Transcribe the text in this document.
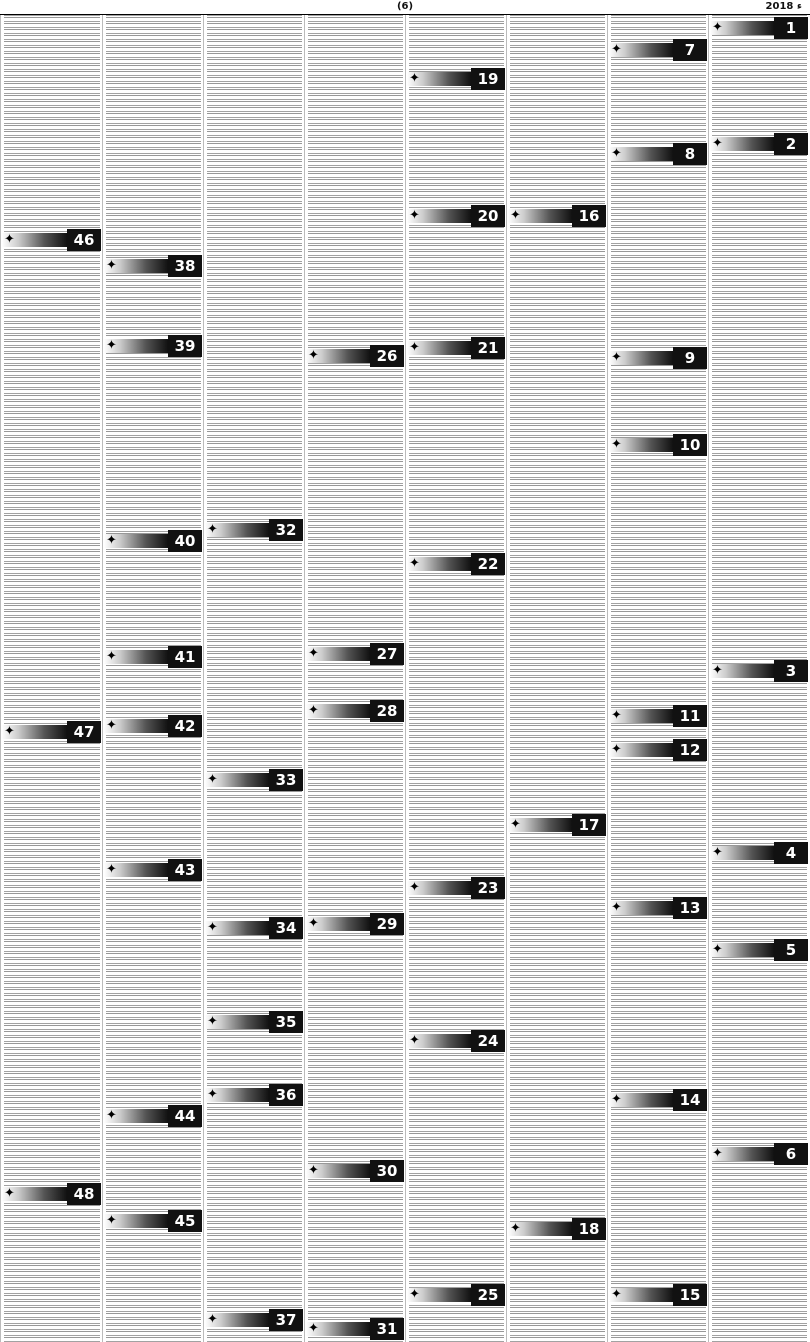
(6)	2018 ء
1
✦
2
✦
3
✦
4
✦
5
✦
6
✦
7
✦
8
✦
9
✦
10
✦
11
✦
12
✦
13
✦
14
✦
15
✦
16
✦
17
✦
18
✦
19
✦
20
✦
21
✦
22
✦
23
✦
24
✦
25
✦
26
✦
27
✦
28
✦
29
✦
30
✦
31
✦
32
✦
33
✦
34
✦
35
✦
36
✦
37
✦
38
✦
39
✦
40
✦
41
✦
42
✦
43
✦
44
✦
45
✦
46
✦
47
✦
48
✦
